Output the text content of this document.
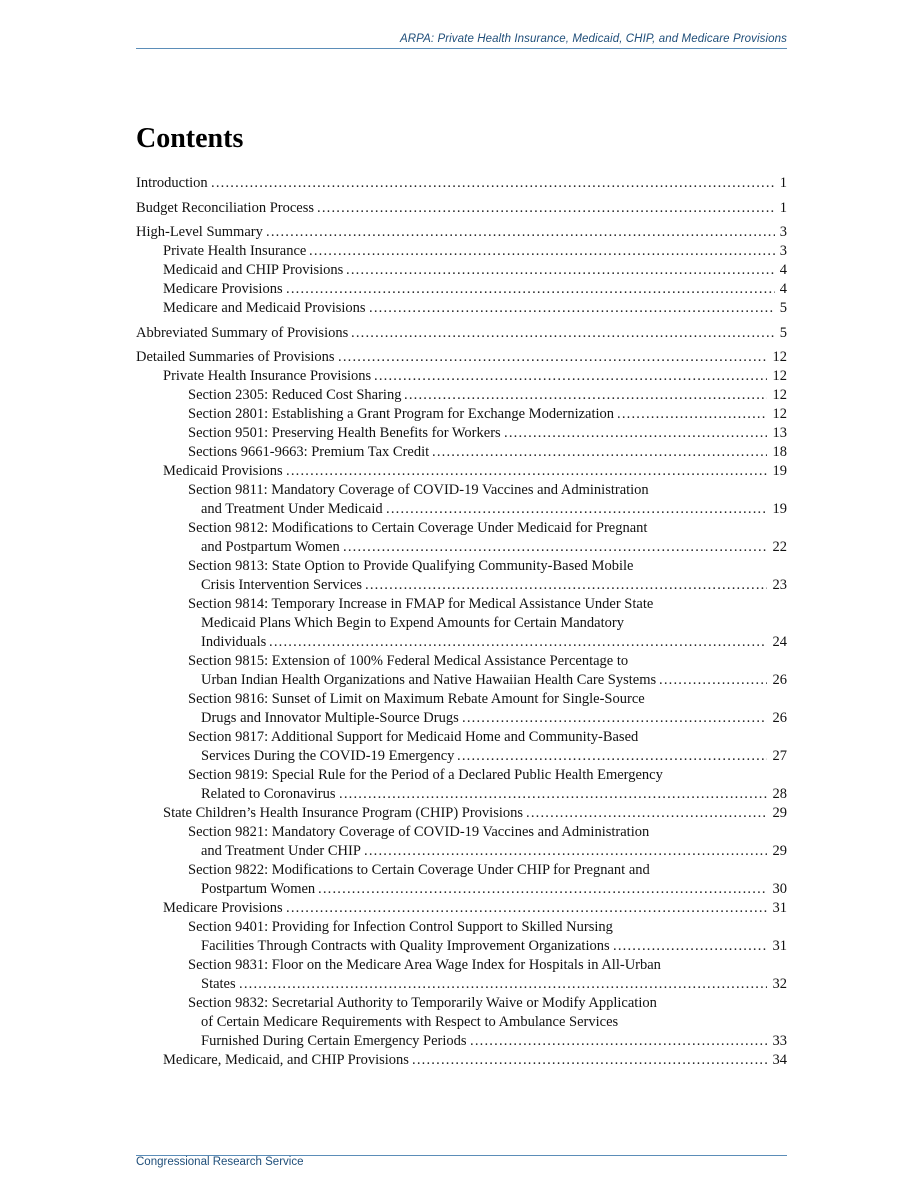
ARPA: Private Health Insurance, Medicaid, CHIP, and Medicare Provisions
Contents
Introduction	1
.....
Budget Reconciliation Process	1
.....
High-Level Summary	3
.....
Private Health Insurance	3
.....
Medicaid and CHIP Provisions	4
.....
Medicare Provisions	4
.....
Medicare and Medicaid Provisions	5
.....
Abbreviated Summary of Provisions	5
.....
Detailed Summaries of Provisions	12
.....
Private Health Insurance Provisions	12
.....
Section 2305: Reduced Cost Sharing	12
.....
Section 2801: Establishing a Grant Program for Exchange Modernization	12
.....
Section 9501: Preserving Health Benefits for Workers	13
.....
Sections 9661-9663: Premium Tax Credit	18
.....
Medicaid Provisions	19
.....
Section 9811: Mandatory Coverage of COVID-19 Vaccines and Administration
and Treatment Under Medicaid	19
.....
Section 9812: Modifications to Certain Coverage Under Medicaid for Pregnant
and Postpartum Women	22
.....
Section 9813: State Option to Provide Qualifying Community-Based Mobile
Crisis Intervention Services	23
.....
Section 9814: Temporary Increase in FMAP for Medical Assistance Under State
Medicaid Plans Which Begin to Expend Amounts for Certain Mandatory
Individuals	24
.....
Section 9815: Extension of 100% Federal Medical Assistance Percentage to
Urban Indian Health Organizations and Native Hawaiian Health Care Systems	26
.....
Section 9816: Sunset of Limit on Maximum Rebate Amount for Single-Source
Drugs and Innovator Multiple-Source Drugs	26
.....
Section 9817: Additional Support for Medicaid Home and Community-Based
Services During the COVID-19 Emergency	27
.....
Section 9819: Special Rule for the Period of a Declared Public Health Emergency
Related to Coronavirus	28
.....
State Children’s Health Insurance Program (CHIP) Provisions	29
.....
Section 9821: Mandatory Coverage of COVID-19 Vaccines and Administration
and Treatment Under CHIP	29
.....
Section 9822: Modifications to Certain Coverage Under CHIP for Pregnant and
Postpartum Women	30
.....
Medicare Provisions	31
.....
Section 9401: Providing for Infection Control Support to Skilled Nursing
Facilities Through Contracts with Quality Improvement Organizations	31
.....
Section 9831: Floor on the Medicare Area Wage Index for Hospitals in All-Urban
States	32
.....
Section 9832: Secretarial Authority to Temporarily Waive or Modify Application
of Certain Medicare Requirements with Respect to Ambulance Services
Furnished During Certain Emergency Periods	33
.....
Medicare, Medicaid, and CHIP Provisions	34
.....
Congressional Research Service
